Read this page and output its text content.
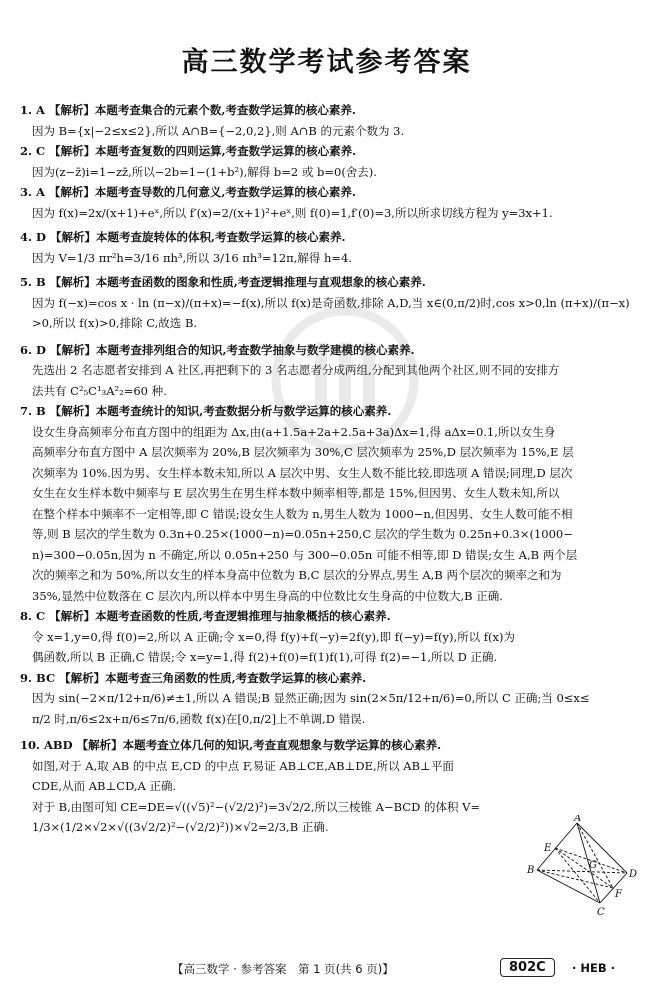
高三数学考试参考答案
1. A 【解析】本题考查集合的元素个数,考查数学运算的核心素养.
因为 B={x|−2≤x≤2},所以 A∩B={−2,0,2},则 A∩B 的元素个数为 3.
2. C 【解析】本题考查复数的四则运算,考查数学运算的核心素养.
因为(z−z̄)i=1−zz̄,所以−2b=1−(1+b²),解得 b=2 或 b=0(舍去).
3. A 【解析】本题考查导数的几何意义,考查数学运算的核心素养.
因为 f(x)=2x/(x+1)+eˣ,所以 f′(x)=2/(x+1)²+eˣ,则 f(0)=1,f′(0)=3,所以所求切线方程为 y=3x+1.
4. D 【解析】本题考查旋转体的体积,考查数学运算的核心素养.
因为 V=1/3 πr²h=3/16 πh³,所以 3/16 πh³=12π,解得 h=4.
5. B 【解析】本题考查函数的图象和性质,考查逻辑推理与直观想象的核心素养.
因为 f(−x)=cos x · ln (π−x)/(π+x)=−f(x),所以 f(x)是奇函数,排除 A,D,当 x∈(0,π/2)时,cos x>0,ln (π+x)/(π−x)
>0,所以 f(x)>0,排除 C,故选 B.
6. D 【解析】本题考查排列组合的知识,考查数学抽象与数学建模的核心素养.
先选出 2 名志愿者安排到 A 社区,再把剩下的 3 名志愿者分成两组,分配到其他两个社区,则不同的安排方
法共有 C²₅C¹₃A²₂=60 种.
7. B 【解析】本题考查统计的知识,考查数据分析与数学运算的核心素养.
设女生身高频率分布直方图中的组距为 Δx,由(a+1.5a+2a+2.5a+3a)Δx=1,得 aΔx=0.1,所以女生身
高频率分布直方图中 A 层次频率为 20%,B 层次频率为 30%,C 层次频率为 25%,D 层次频率为 15%,E 层
次频率为 10%.因为男、女生样本数未知,所以 A 层次中男、女生人数不能比较,即选项 A 错误;同理,D 层次
女生在女生样本数中频率与 E 层次男生在男生样本数中频率相等,都是 15%,但因男、女生人数未知,所以
在整个样本中频率不一定相等,即 C 错误;设女生人数为 n,男生人数为 1000−n,但因男、女生人数可能不相
等,则 B 层次的学生数为 0.3n+0.25×(1000−n)=0.05n+250,C 层次的学生数为 0.25n+0.3×(1000−
n)=300−0.05n,因为 n 不确定,所以 0.05n+250 与 300−0.05n 可能不相等,即 D 错误;女生 A,B 两个层
次的频率之和为 50%,所以女生的样本身高中位数为 B,C 层次的分界点,男生 A,B 两个层次的频率之和为
35%,显然中位数落在 C 层次内,所以样本中男生身高的中位数比女生身高的中位数大,B 正确.
8. C 【解析】本题考查函数的性质,考查逻辑推理与抽象概括的核心素养.
令 x=1,y=0,得 f(0)=2,所以 A 正确;令 x=0,得 f(y)+f(−y)=2f(y),即 f(−y)=f(y),所以 f(x)为
偶函数,所以 B 正确,C 错误;令 x=y=1,得 f(2)+f(0)=f(1)f(1),可得 f(2)=−1,所以 D 正确.
9. BC 【解析】本题考查三角函数的性质,考查数学运算的核心素养.
因为 sin(−2×π/12+π/6)≠±1,所以 A 错误;B 显然正确;因为 sin(2×5π/12+π/6)=0,所以 C 正确;当 0≤x≤
π/2 时,π/6≤2x+π/6≤7π/6,函数 f(x)在[0,π/2]上不单调,D 错误.
10. ABD 【解析】本题考查立体几何的知识,考查直观想象与数学运算的核心素养.
如图,对于 A,取 AB 的中点 E,CD 的中点 F,易证 AB⊥CE,AB⊥DE,所以 AB⊥平面
CDE,从而 AB⊥CD,A 正确.
对于 B,由图可知 CE=DE=√((√5)²−(√2/2)²)=3√2/2,所以三棱锥 A−BCD 的体积 V=
1/3×(1/2×√2×√((3√2/2)²−(√2/2)²))×√2=2/3,B 正确.
A
B
C
D
E
F
G
【高三数学 · 参考答案　第 1 页(共 6 页)】	802C	· HEB ·
